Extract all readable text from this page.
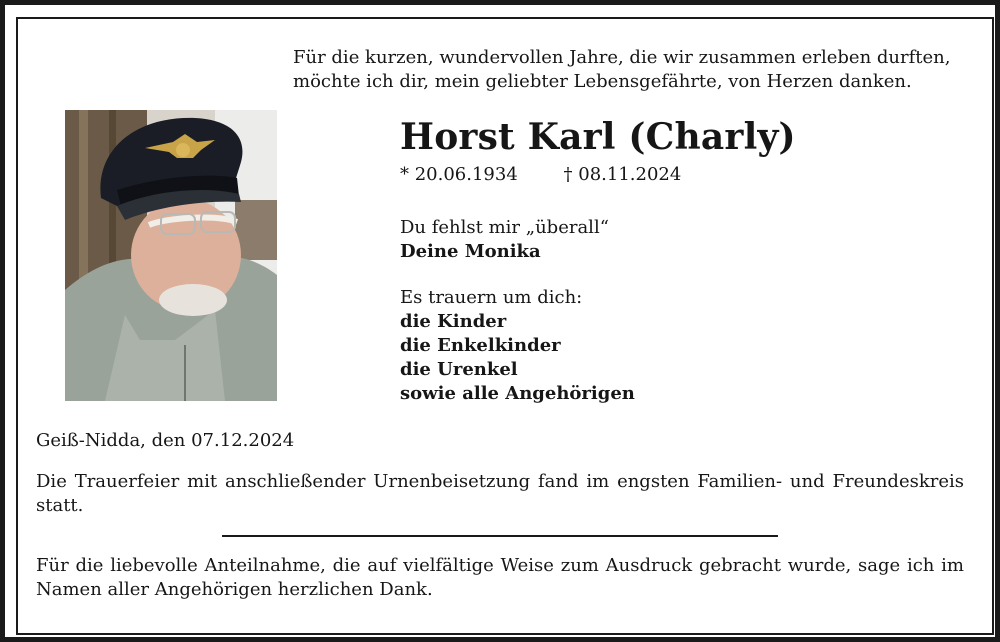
Für die kurzen, wundervollen Jahre, die wir zusammen erleben durften,
möchte ich dir, mein geliebter Lebensgefährte, von Herzen danken.
Horst Karl (Charly)
* 20.06.1934	† 08.11.2024
Du fehlst mir „überall“
Deine Monika
Es trauern um dich:
die Kinder
die Enkelkinder
die Urenkel
sowie alle Angehörigen
Geiß-Nidda, den 07.12.2024
Die Trauerfeier mit anschließender Urnenbeisetzung fand im engsten Familien- und Freundeskreis statt.
Für die liebevolle Anteilnahme, die auf vielfältige Weise zum Ausdruck gebracht wurde, sage ich im Namen aller Angehörigen herzlichen Dank.
